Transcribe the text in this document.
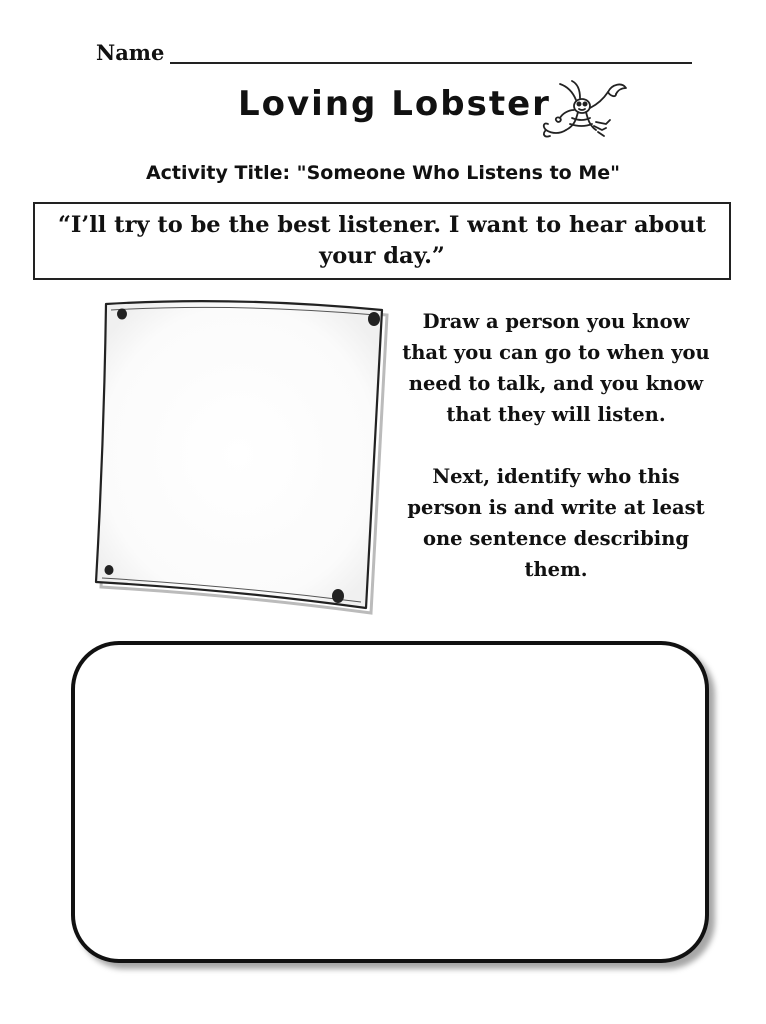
Name
Loving Lobster
Activity Title: "Someone Who Listens to Me"
“I’ll try to be the best listener. I want to hear about your day.”

Draw a person you know that you can go to when you need to talk, and you know that they will listen.

Next, identify who this person is and write at least one sentence describing them.
